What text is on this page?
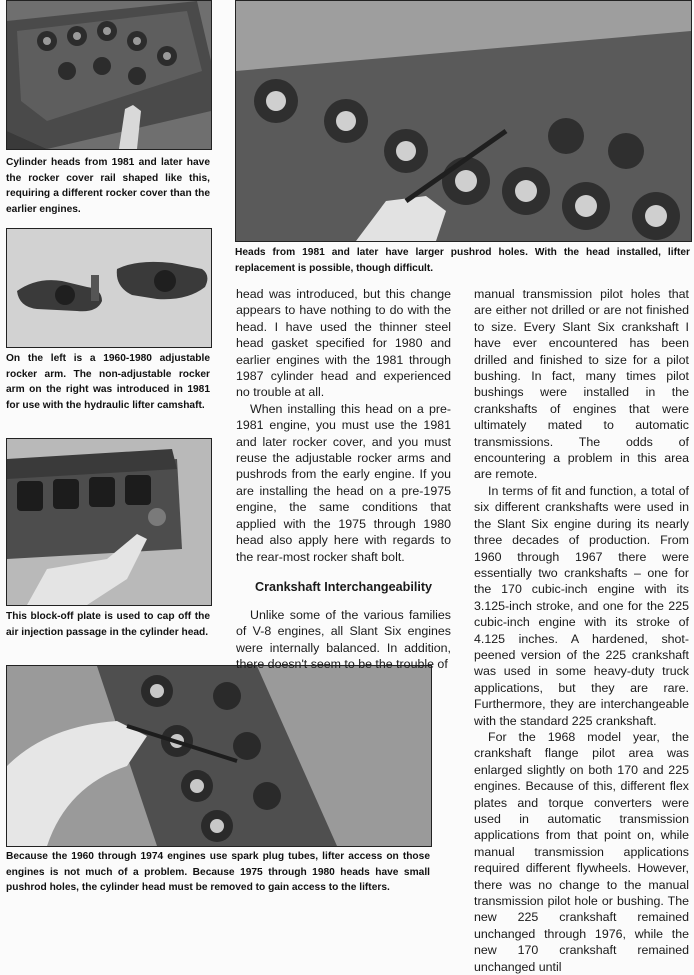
Cylinder heads from 1981 and later have the rocker cover rail shaped like this, requiring a different rocker cover than the earlier engines.

Heads from 1981 and later have larger pushrod holes. With the head installed, lifter replacement is possible, though difficult.

On the left is a 1960-1980 adjustable rocker arm. The non-adjustable rocker arm on the right was introduced in 1981 for use with the hydraulic lifter camshaft.

This block-off plate is used to cap off the air injection passage in the cylinder head.

Because the 1960 through 1974 engines use spark plug tubes, lifter access on those engines is not much of a problem. Because 1975 through 1980 heads have small pushrod holes, the cylinder head must be removed to gain access to the lifters.

head was introduced, but this change appears to have nothing to do with the head. I have used the thinner steel head gasket specified for 1980 and earlier engines with the 1981 through 1987 cylinder head and experienced no trouble at all.

When installing this head on a pre-1981 engine, you must use the 1981 and later rocker cover, and you must reuse the adjustable rocker arms and pushrods from the early engine. If you are installing the head on a pre-1975 engine, the same conditions that applied with the 1975 through 1980 head also apply here with regards to the rear-most rocker shaft bolt.

Crankshaft Interchangeability

Unlike some of the various families of V-8 engines, all Slant Six engines were internally balanced. In addition, there doesn't seem to be the trouble of

manual transmission pilot holes that are either not drilled or are not finished to size. Every Slant Six crankshaft I have ever encountered has been drilled and finished to size for a pilot bushing. In fact, many times pilot bushings were installed in the crankshafts of engines that were ultimately mated to automatic transmissions. The odds of encountering a problem in this area are remote.

In terms of fit and function, a total of six different crankshafts were used in the Slant Six engine during its nearly three decades of production. From 1960 through 1967 there were essentially two crankshafts – one for the 170 cubic-inch engine with its 3.125-inch stroke, and one for the 225 cubic-inch engine with its stroke of 4.125 inches. A hardened, shot-peened version of the 225 crankshaft was used in some heavy-duty truck applications, but they are rare. Furthermore, they are interchangeable with the standard 225 crankshaft.

For the 1968 model year, the crankshaft flange pilot area was enlarged slightly on both 170 and 225 engines. Because of this, different flex plates and torque converters were used in automatic transmission applications from that point on, while manual transmission applications required different flywheels. However, there was no change to the manual transmission pilot hole or bushing. The new 225 crankshaft remained unchanged through 1976, while the new 170 crankshaft remained unchanged until
